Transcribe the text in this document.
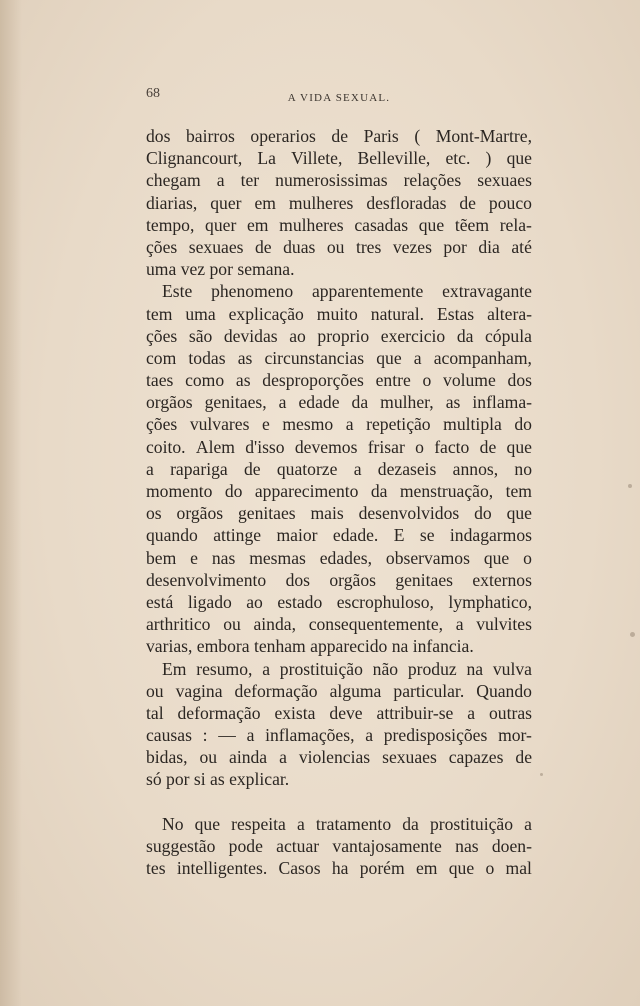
68	A VIDA SEXUAL.
dos bairros operarios de Paris ( Mont-Martre,
Clignancourt, La Villete, Belleville, etc. ) que
chegam a ter numerosissimas relações sexuaes
diarias, quer em mulheres desfloradas de pouco
tempo, quer em mulheres casadas que tẽem rela-
ções sexuaes de duas ou tres vezes por dia até
uma vez por semana.
Este phenomeno apparentemente extravagante
tem uma explicação muito natural. Estas altera-
ções são devidas ao proprio exercicio da cópula
com todas as circunstancias que a acompanham,
taes como as desproporções entre o volume dos
orgãos genitaes, a edade da mulher, as inflama-
ções vulvares e mesmo a repetição multipla do
coito. Alem d'isso devemos frisar o facto de que
a rapariga de quatorze a dezaseis annos, no
momento do apparecimento da menstruação, tem
os orgãos genitaes mais desenvolvidos do que
quando attinge maior edade. E se indagarmos
bem e nas mesmas edades, observamos que o
desenvolvimento dos orgãos genitaes externos
está ligado ao estado escrophuloso, lymphatico,
arthritico ou ainda, consequentemente, a vulvites
varias, embora tenham apparecido na infancia.
Em resumo, a prostituição não produz na vulva
ou vagina deformação alguma particular. Quando
tal deformação exista deve attribuir-se a outras
causas : — a inflamações, a predisposições mor-
bidas, ou ainda a violencias sexuaes capazes de
só por si as explicar.
No que respeita a tratamento da prostituição a
suggestão pode actuar vantajosamente nas doen-
tes intelligentes. Casos ha porém em que o mal
